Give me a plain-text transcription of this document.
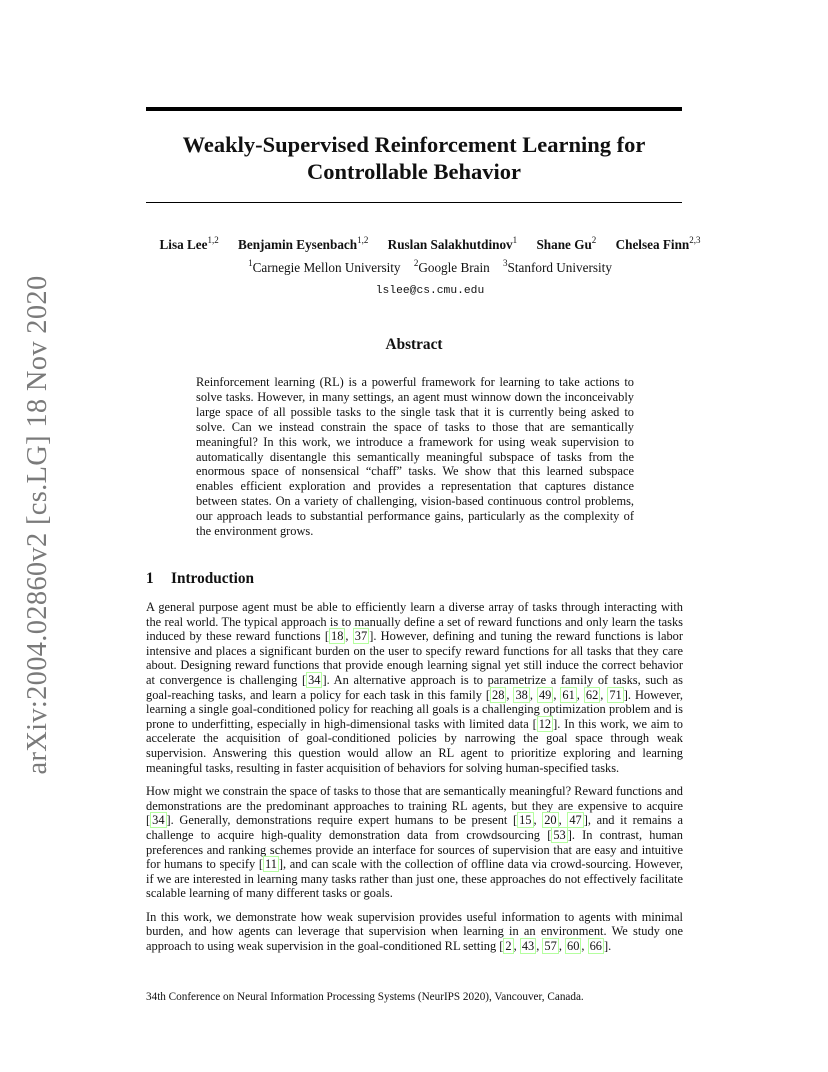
arXiv:2004.02860v2 [cs.LG] 18 Nov 2020
Weakly-Supervised Reinforcement Learning for
Controllable Behavior
Lisa Lee$^{1,2}$ Benjamin Eysenbach$^{1,2}$ Ruslan Salakhutdinov$^1$ Shane Gu$^2$ Chelsea Finn$^{2,3}$
$^1$Carnegie Mellon University $^2$Google Brain $^3$Stanford University
lslee@cs.cmu.edu
Abstract

Reinforcement learning (RL) is a powerful framework for learning to take actions to solve tasks. However, in many settings, an agent must winnow down the inconceivably large space of all possible tasks to the single task that it is currently being asked to solve. Can we instead constrain the space of tasks to those that are semantically meaningful? In this work, we introduce a framework for using weak supervision to automatically disentangle this semantically meaningful subspace of tasks from the enormous space of nonsensical “chaff” tasks. We show that this learned subspace enables efficient exploration and provides a representation that captures distance between states. On a variety of challenging, vision-based continuous control problems, our approach leads to substantial performance gains, particularly as the complexity of the environment grows.

1 Introduction

A general purpose agent must be able to efficiently learn a diverse array of tasks through interacting with the real world. The typical approach is to manually define a set of reward functions and only learn the tasks induced by these reward functions [ 18 , 37 ]. However, defining and tuning the reward functions is labor intensive and places a significant burden on the user to specify reward functions for all tasks that they care about. Designing reward functions that provide enough learning signal yet still induce the correct behavior at convergence is challenging [ 34 ]. An alternative approach is to parametrize a family of tasks, such as goal-reaching tasks, and learn a policy for each task in this family [ 28 , 38 , 49 , 61 , 62 , 71 ]. However, learning a single goal-conditioned policy for reaching all goals is a challenging optimization problem and is prone to underfitting, especially in high-dimensional tasks with limited data [ 12 ]. In this work, we aim to accelerate the acquisition of goal-conditioned policies by narrowing the goal space through weak supervision. Answering this question would allow an RL agent to prioritize exploring and learning meaningful tasks, resulting in faster acquisition of behaviors for solving human-specified tasks.

How might we constrain the space of tasks to those that are semantically meaningful? Reward functions and demonstrations are the predominant approaches to training RL agents, but they are expensive to acquire [ 34 ]. Generally, demonstrations require expert humans to be present [ 15 , 20 , 47 ], and it remains a challenge to acquire high-quality demonstration data from crowdsourcing [ 53 ]. In contrast, human preferences and ranking schemes provide an interface for sources of supervision that are easy and intuitive for humans to specify [ 11 ], and can scale with the collection of offline data via crowd-sourcing. However, if we are interested in learning many tasks rather than just one, these approaches do not effectively facilitate scalable learning of many different tasks or goals.

In this work, we demonstrate how weak supervision provides useful information to agents with minimal burden, and how agents can leverage that supervision when learning in an environment. We study one approach to using weak supervision in the goal-conditioned RL setting [ 2 , 43 , 57 , 60 , 66 ].

34th Conference on Neural Information Processing Systems (NeurIPS 2020), Vancouver, Canada.
